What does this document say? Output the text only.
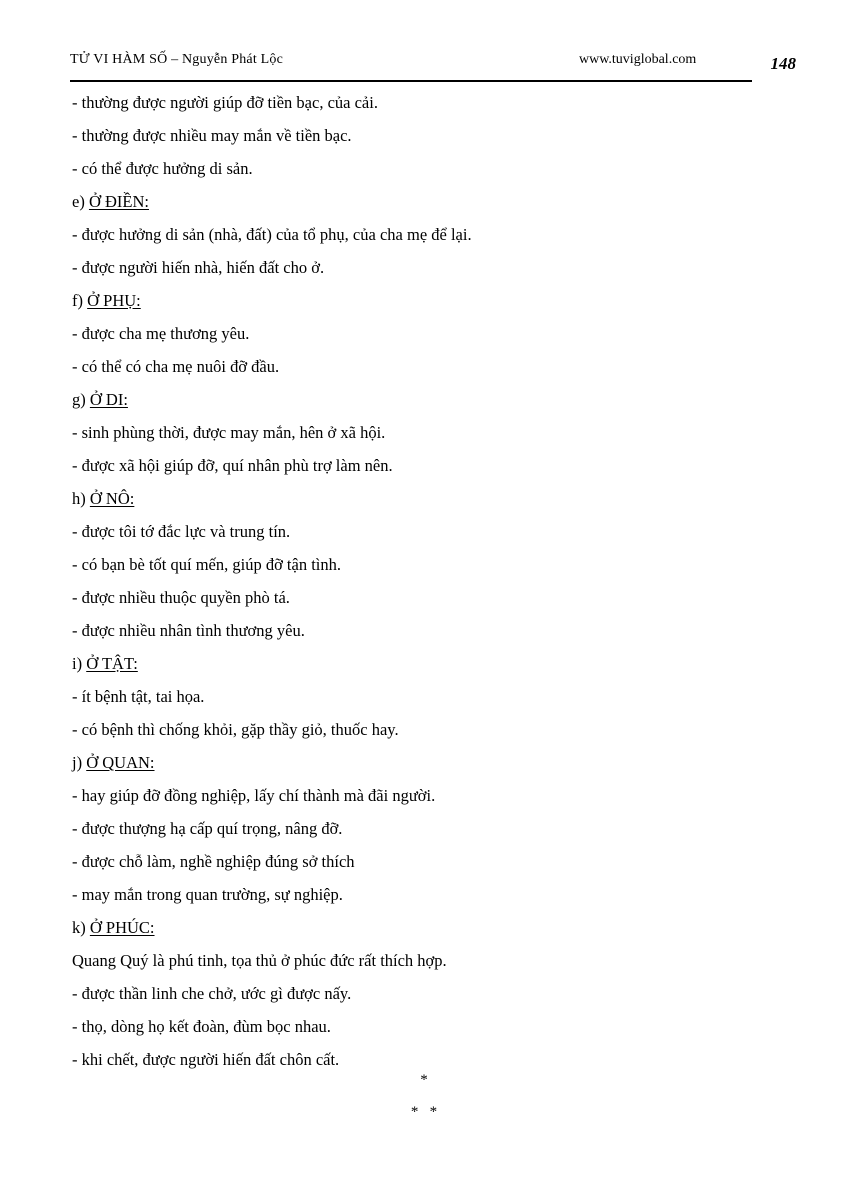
TỬ VI HÀM SỐ – Nguyễn Phát Lộc	www.tuviglobal.com	148
- thường được người giúp đỡ tiền bạc, của cải.
- thường được nhiều may mắn về tiền bạc.
- có thể được hưởng di sản.
e) Ở ĐIỀN:
- được hưởng di sản (nhà, đất) của tổ phụ, của cha mẹ để lại.
- được người hiến nhà, hiến đất cho ở.
f) Ở PHỤ:
- được cha mẹ thương yêu.
- có thể có cha mẹ nuôi đỡ đầu.
g) Ở DI:
- sinh phùng thời, được may mắn, hên ở xã hội.
- được xã hội giúp đỡ, quí nhân phù trợ làm nên.
h) Ở NÔ:
- được tôi tớ đắc lực và trung tín.
- có bạn bè tốt quí mến, giúp đỡ tận tình.
- được nhiều thuộc quyền phò tá.
- được nhiều nhân tình thương yêu.
i) Ở TẬT:
- ít bệnh tật, tai họa.
- có bệnh thì chống khỏi, gặp thầy giỏ, thuốc hay.
j) Ở QUAN:
- hay giúp đỡ đồng nghiệp, lấy chí thành mà đãi người.
- được thượng hạ cấp quí trọng, nâng đỡ.
- được chỗ làm, nghề nghiệp đúng sở thích
- may mắn trong quan trường, sự nghiệp.
k) Ở PHÚC:
Quang Quý là phú tinh, tọa thủ ở phúc đức rất thích hợp.
- được thần linh che chở, ước gì được nấy.
- thọ, dòng họ kết đoàn, đùm bọc nhau.
- khi chết, được người hiến đất chôn cất.
*
*   *
